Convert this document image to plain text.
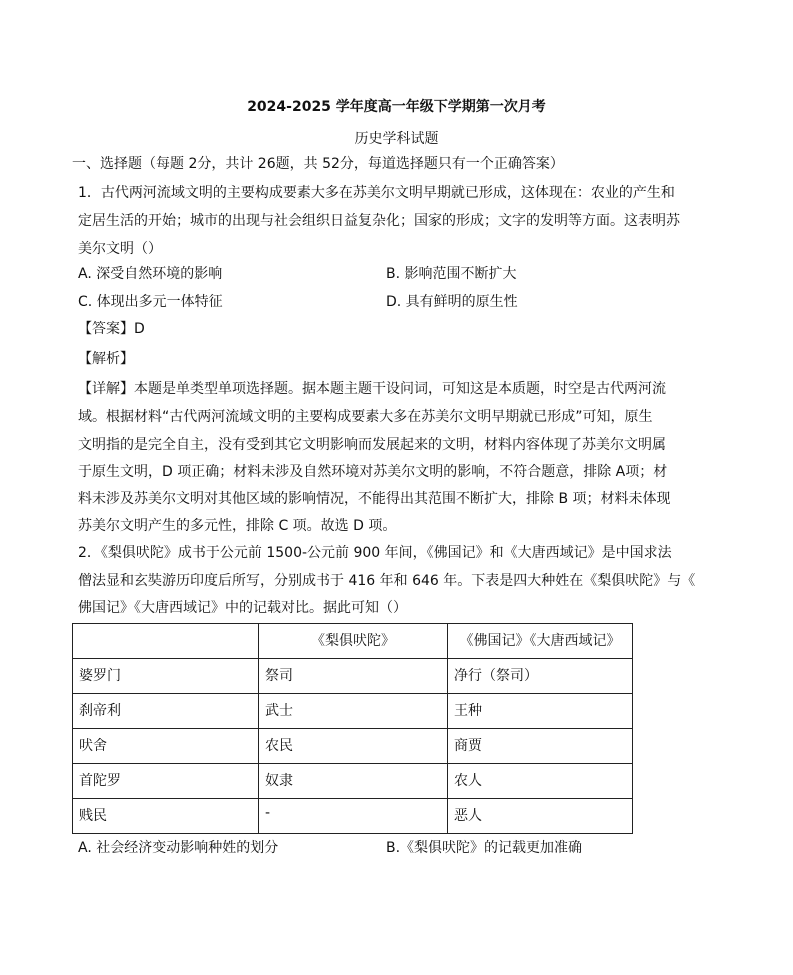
2024-2025 学年度高一年级下学期第一次月考
历史学科试题
一、选择题（每题 2分，共计 26题，共 52分，每道选择题只有一个正确答案）
1．古代两河流域文明的主要构成要素大多在苏美尔文明早期就已形成，这体现在：农业的产生和
定居生活的开始；城市的出现与社会组织日益复杂化；国家的形成；文字的发明等方面。这表明苏
美尔文明（）
A. 深受自然环境的影响	B. 影响范围不断扩大
C. 体现出多元一体特征	D. 具有鲜明的原生性
【答案】D
【解析】
【详解】本题是单类型单项选择题。据本题主题干设问词，可知这是本质题，时空是古代两河流
域。根据材料“古代两河流域文明的主要构成要素大多在苏美尔文明早期就已形成”可知，原生
文明指的是完全自主，没有受到其它文明影响而发展起来的文明，材料内容体现了苏美尔文明属
于原生文明，D 项正确；材料未涉及自然环境对苏美尔文明的影响，不符合题意，排除 A项；材
料未涉及苏美尔文明对其他区域的影响情况，不能得出其范围不断扩大，排除 B 项；材料未体现
苏美尔文明产生的多元性，排除 C 项。故选 D 项。
2．《梨俱吠陀》成书于公元前 1500-公元前 900 年间，《佛国记》和《大唐西域记》是中国求法
僧法显和玄奘游历印度后所写，分别成书于 416 年和 646 年。下表是四大种姓在《梨俱吠陀》与《
佛国记》《大唐西域记》中的记载对比。据此可知（）
	《梨俱吠陀》	《佛国记》《大唐西域记》
婆罗门	祭司	净行（祭司）
刹帝利	武士	王种
吠舍	农民	商贾
首陀罗	奴隶	农人
贱民	-	恶人
A. 社会经济变动影响种姓的划分	B.《梨俱吠陀》的记载更加准确
